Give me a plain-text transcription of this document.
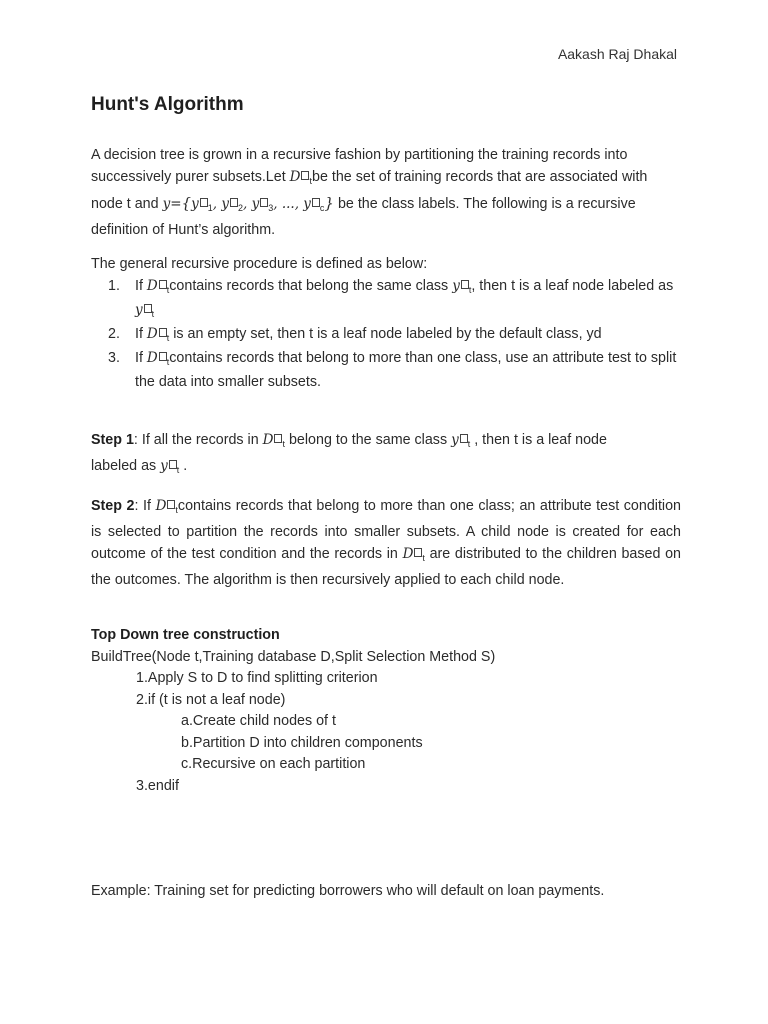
Aakash Raj Dhakal
Hunt's Algorithm

A decision tree is grown in a recursive fashion by partitioning the training records into successively purer subsets.Let D $_t$be the set of training records that are associated with node t and y={y $_1$, y $_2$, y $_3$, ..., y $_c$} be the class labels. The following is a recursive definition of Hunt’s algorithm.

The general recursive procedure is defined as below:

1. If D $_t$contains records that belong the same class y $_t$, then t is a leaf node labeled as y $_t$
2. If D $_t$ is an empty set, then t is a leaf node labeled by the default class, yd
3. If D $_t$contains records that belong to more than one class, use an attribute test to split the data into smaller subsets.

Step 1: If all the records in D $_t$ belong to the same class y $_t$ , then t is a leaf node labeled as y $_t$ .

Step 2: If D $_t$contains records that belong to more than one class; an attribute test condition is selected to partition the records into smaller subsets. A child node is created for each outcome of the test condition and the records in D $_t$ are distributed to the children based on the outcomes. The algorithm is then recursively applied to each child node.

Top Down tree construction
BuildTree(Node t,Training database D,Split Selection Method S)
1.Apply S to D to find splitting criterion
2.if (t is not a leaf node)
a.Create child nodes of t
b.Partition D into children components
c.Recursive on each partition
3.endif

Example: Training set for predicting borrowers who will default on loan payments.
